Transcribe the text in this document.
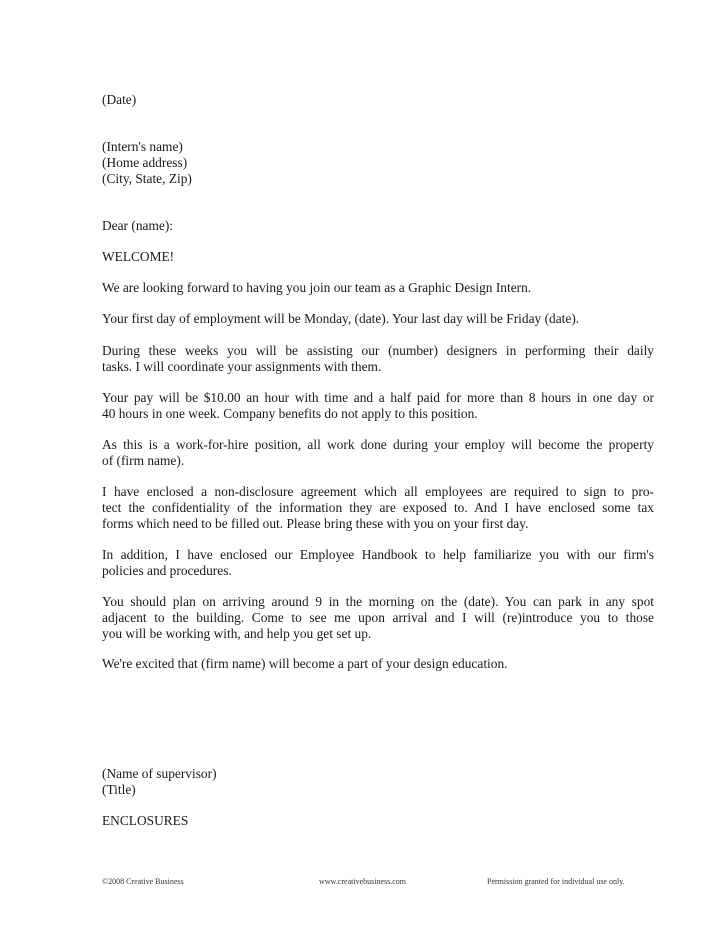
(Date)

(Intern's name)

(Home address)

(City, State, Zip)

Dear (name):

WELCOME!

We are looking forward to having you join our team as a Graphic Design Intern.
Your first day of employment will be Monday, (date). Your last day will be Friday (date).
During these weeks you will be assisting our (number) designers in performing their daily
tasks. I will coordinate your assignments with them.
Your pay will be $10.00 an hour with time and a half paid for more than 8 hours in one day or
40 hours in one week. Company benefits do not apply to this position.
As this is a work-for-hire position, all work done during your employ will become the property
of (firm name).
I have enclosed a non-disclosure agreement which all employees are required to sign to pro-
tect the confidentiality of the information they are exposed to. And I have enclosed some tax
forms which need to be filled out. Please bring these with you on your first day.
In addition, I have enclosed our Employee Handbook to help familiarize you with our firm's
policies and procedures.
You should plan on arriving around 9 in the morning on the (date). You can park in any spot
adjacent to the building. Come to see me upon arrival and I will (re)introduce you to those
you will be working with, and help you get set up.
We're excited that (firm name) will become a part of your design education.

(Name of supervisor)

(Title)

ENCLOSURES

©2008 Creative Business	www.creativebusiness.com	Permission granted for individual use only.
